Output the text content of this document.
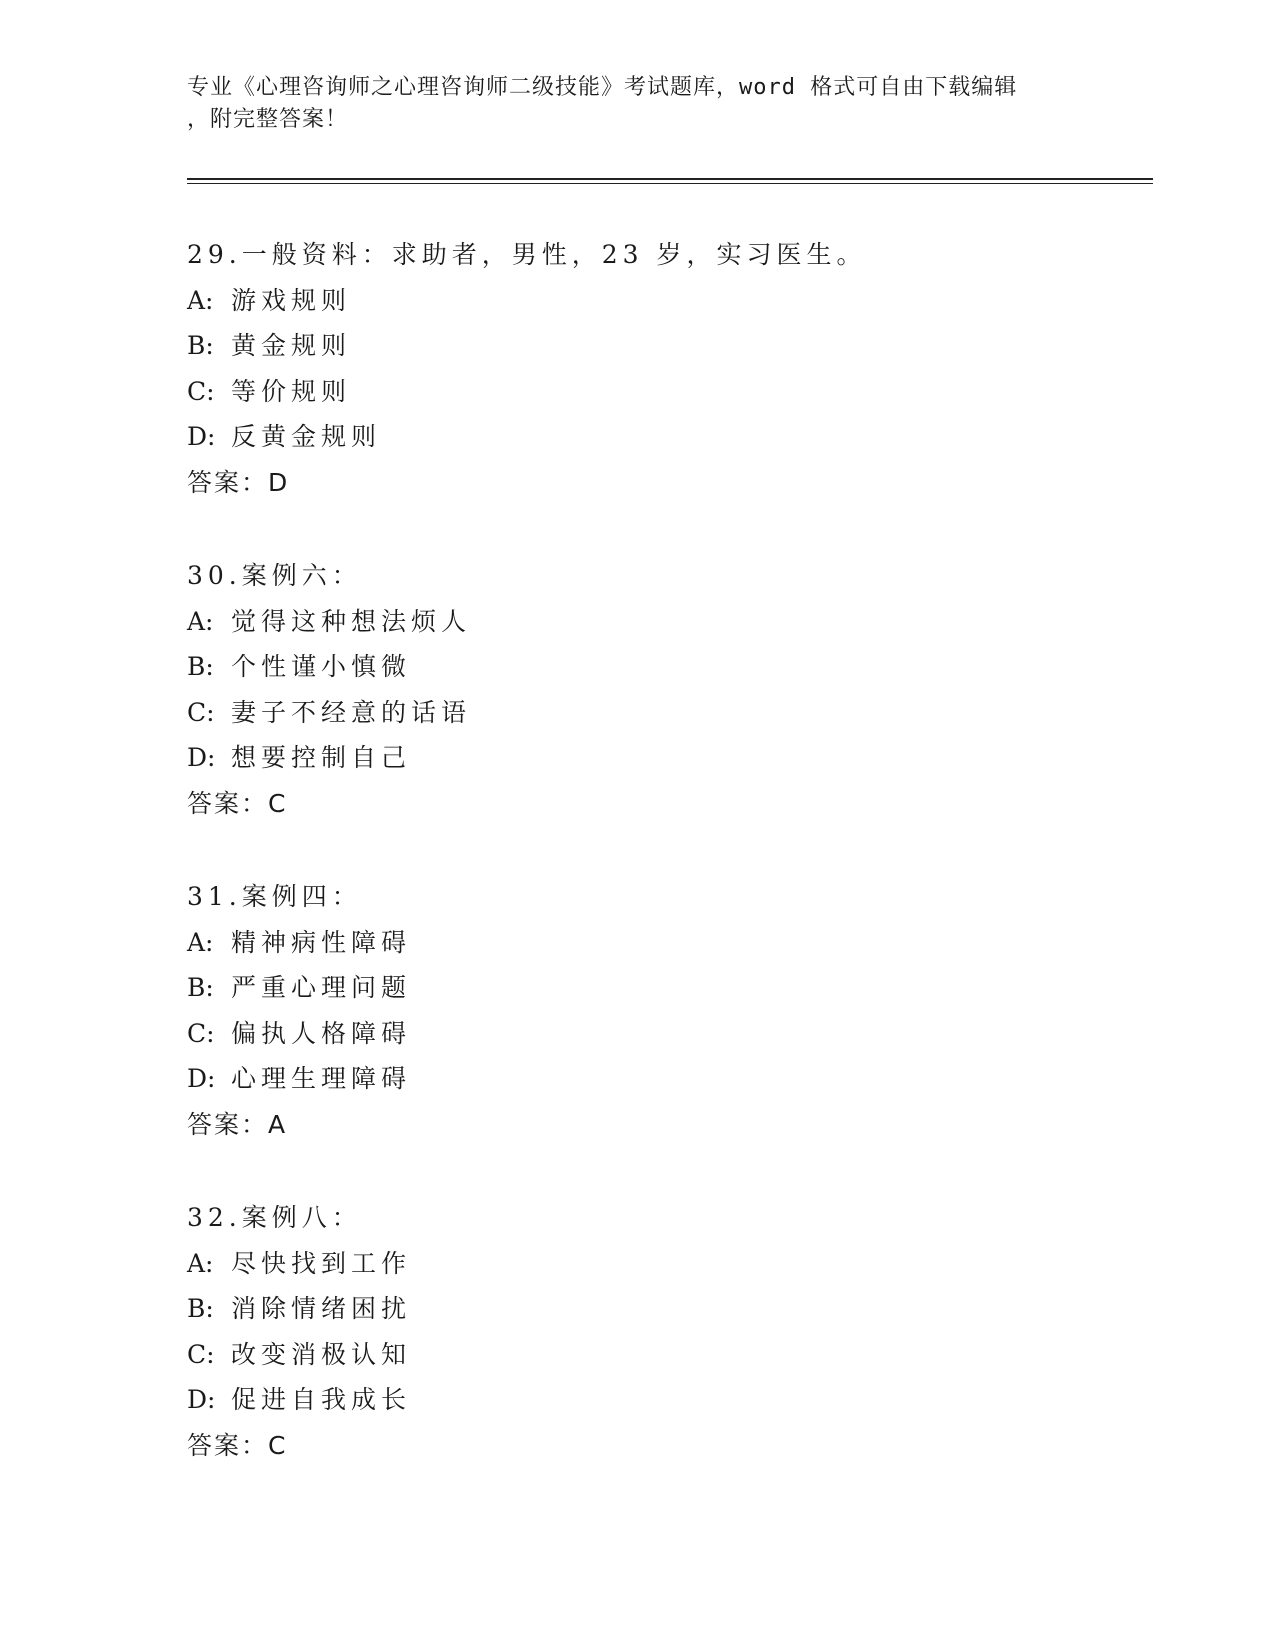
专业《心理咨询师之心理咨询师二级技能》考试题库，word 格式可自由下载编辑
，附完整答案！
29.一般资料：求助者，男性，23 岁，实习医生。
A: 游戏规则
B: 黄金规则
C: 等价规则
D: 反黄金规则
答案：D
30.案例六：
A: 觉得这种想法烦人
B: 个性谨小慎微
C: 妻子不经意的话语
D: 想要控制自己
答案：C
31.案例四：
A: 精神病性障碍
B: 严重心理问题
C: 偏执人格障碍
D: 心理生理障碍
答案：A
32.案例八：
A: 尽快找到工作
B: 消除情绪困扰
C: 改变消极认知
D: 促进自我成长
答案：C
